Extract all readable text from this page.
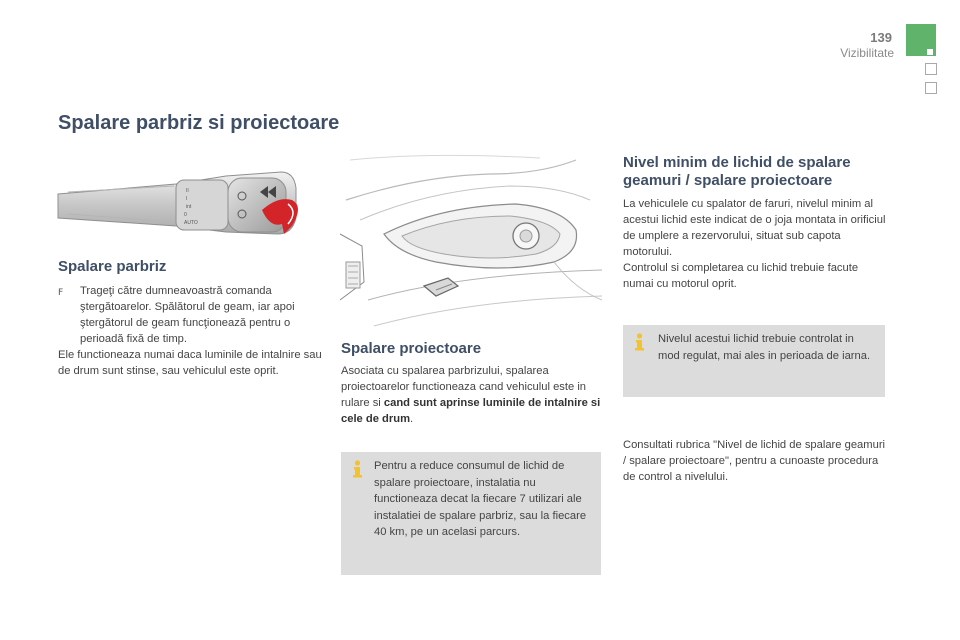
139
Vizibilitate
Spalare parbriz si proiectoare
II
I
int
0
AUTO
Spalare parbriz
F Trageţi către dumneavoastră comanda ştergătoarelor. Spălătorul de geam, iar apoi ştergătorul de geam funcţionează pentru o perioadă fixă de timp.
Ele functioneaza numai daca luminile de intalnire sau de drum sunt stinse, sau vehiculul este oprit.
Spalare proiectoare
Asociata cu spalarea parbrizului, spalarea proiectoarelor functioneaza cand vehiculul este in rulare si cand sunt aprinse luminile de intalnire si cele de drum.
Pentru a reduce consumul de lichid de spalare proiectoare, instalatia nu functioneaza decat la fiecare 7 utilizari ale instalatiei de spalare parbriz, sau la fiecare 40 km, pe un acelasi parcurs.
Nivel minim de lichid de spalare geamuri / spalare proiectoare
La vehiculele cu spalator de faruri, nivelul minim al acestui lichid este indicat de o joja montata in orificiul de umplere a rezervorului, situat sub capota motorului.
Controlul si completarea cu lichid trebuie facute numai cu motorul oprit.
Nivelul acestui lichid trebuie controlat in mod regulat, mai ales in perioada de iarna.
Consultati rubrica "Nivel de lichid de spalare geamuri / spalare proiectoare", pentru a cunoaste procedura de control a nivelului.
